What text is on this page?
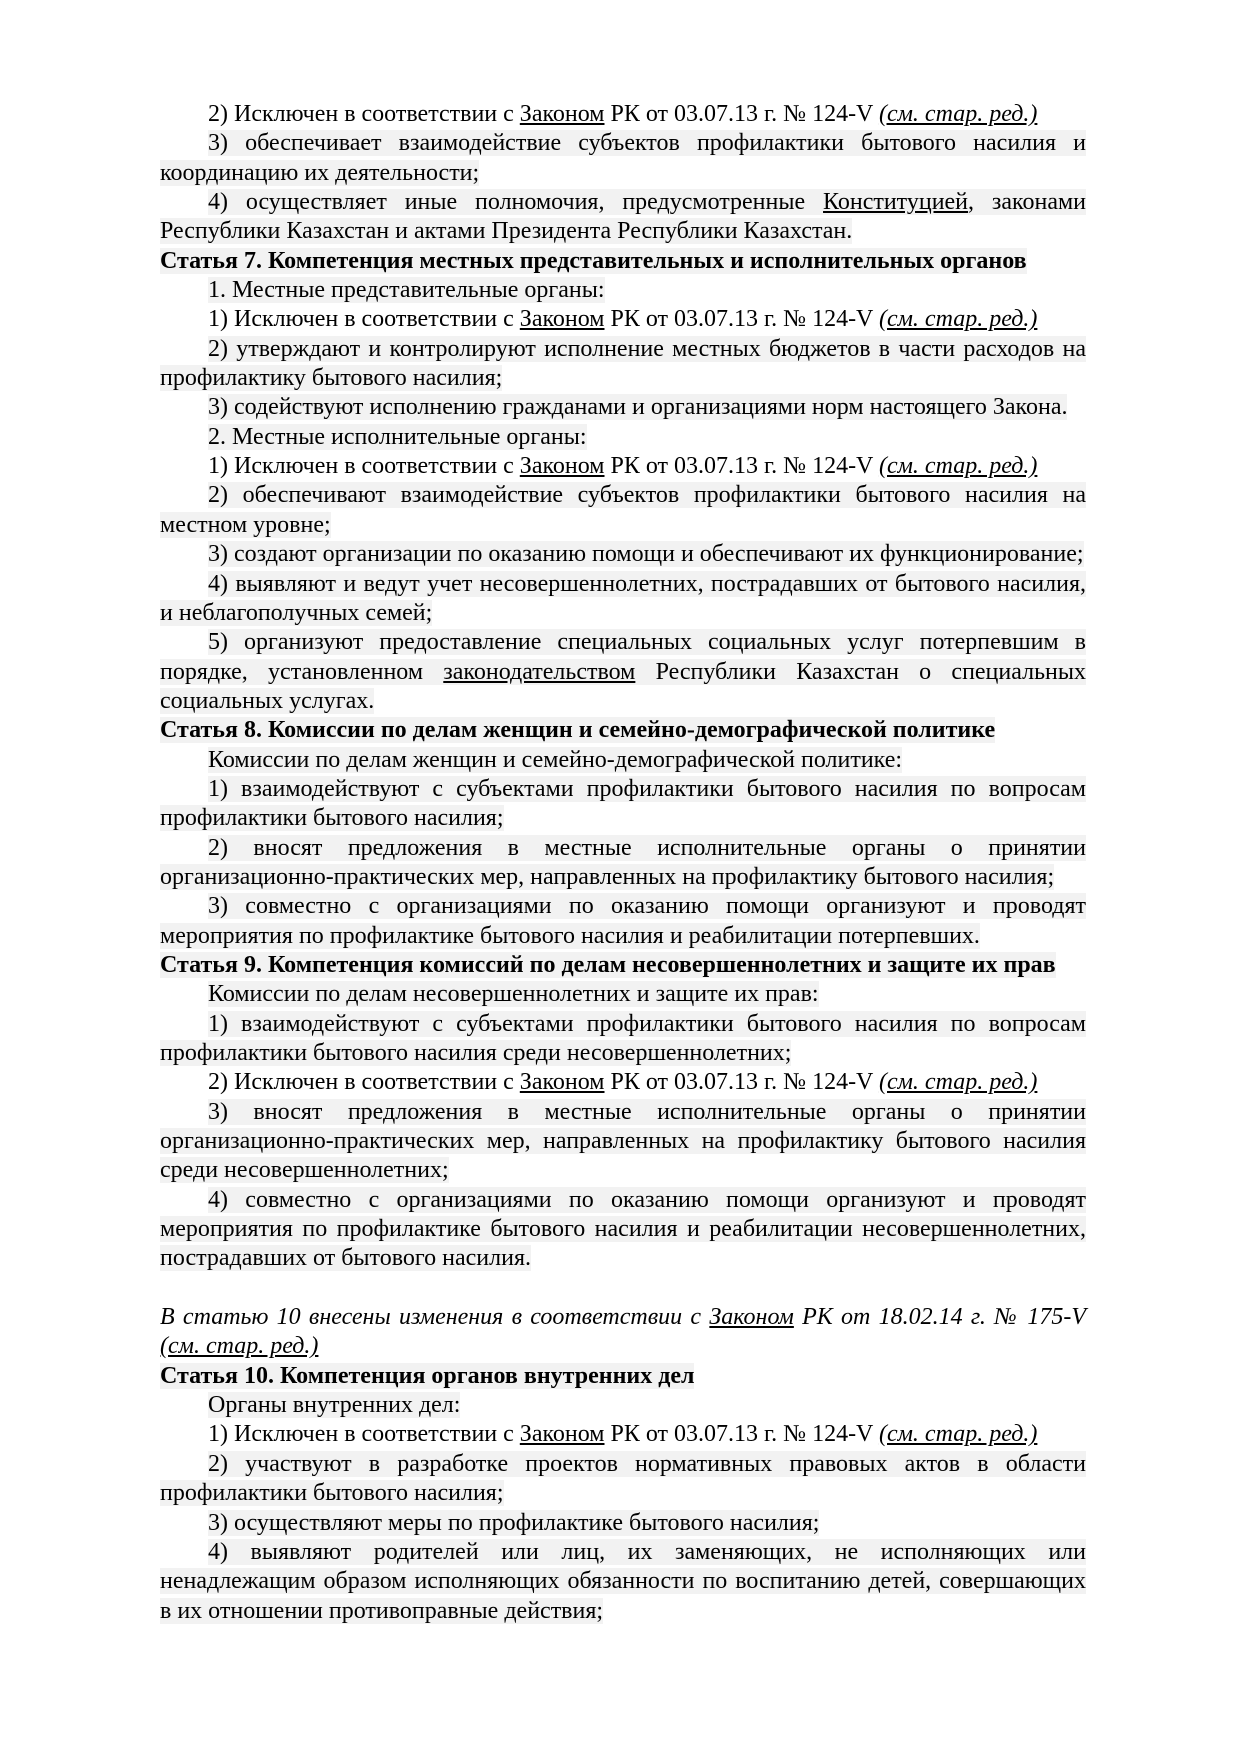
2) Исключен в соответствии с Законом РК от 03.07.13 г. № 124-V (см. стар. ред.)

3) обеспечивает взаимодействие субъектов профилактики бытового насилия и координацию их деятельности;

4) осуществляет иные полномочия, предусмотренные Конституцией, законами Республики Казахстан и актами Президента Республики Казахстан.

Статья 7. Компетенция местных представительных и исполнительных органов

1. Местные представительные органы:

1) Исключен в соответствии с Законом РК от 03.07.13 г. № 124-V (см. стар. ред.)

2) утверждают и контролируют исполнение местных бюджетов в части расходов на профилактику бытового насилия;

3) содействуют исполнению гражданами и организациями норм настоящего Закона.

2. Местные исполнительные органы:

1) Исключен в соответствии с Законом РК от 03.07.13 г. № 124-V (см. стар. ред.)

2) обеспечивают взаимодействие субъектов профилактики бытового насилия на местном уровне;

3) создают организации по оказанию помощи и обеспечивают их функционирование;

4) выявляют и ведут учет несовершеннолетних, пострадавших от бытового насилия, и неблагополучных семей;

5) организуют предоставление специальных социальных услуг потерпевшим в порядке, установленном законодательством Республики Казахстан о специальных социальных услугах.

Статья 8. Комиссии по делам женщин и семейно-демографической политике

Комиссии по делам женщин и семейно-демографической политике:

1) взаимодействуют с субъектами профилактики бытового насилия по вопросам профилактики бытового насилия;

2) вносят предложения в местные исполнительные органы о принятии организационно-практических мер, направленных на профилактику бытового насилия;

3) совместно с организациями по оказанию помощи организуют и проводят мероприятия по профилактике бытового насилия и реабилитации потерпевших.

Статья 9. Компетенция комиссий по делам несовершеннолетних и защите их прав

Комиссии по делам несовершеннолетних и защите их прав:

1) взаимодействуют с субъектами профилактики бытового насилия по вопросам профилактики бытового насилия среди несовершеннолетних;

2) Исключен в соответствии с Законом РК от 03.07.13 г. № 124-V (см. стар. ред.)

3) вносят предложения в местные исполнительные органы о принятии организационно-практических мер, направленных на профилактику бытового насилия среди несовершеннолетних;

4) совместно с организациями по оказанию помощи организуют и проводят мероприятия по профилактике бытового насилия и реабилитации несовершеннолетних, пострадавших от бытового насилия.

В статью 10 внесены изменения в соответствии с Законом РК от 18.02.14 г. № 175-V (см. стар. ред.)

Статья 10. Компетенция органов внутренних дел

Органы внутренних дел:

1) Исключен в соответствии с Законом РК от 03.07.13 г. № 124-V (см. стар. ред.)

2) участвуют в разработке проектов нормативных правовых актов в области профилактики бытового насилия;

3) осуществляют меры по профилактике бытового насилия;

4) выявляют родителей или лиц, их заменяющих, не исполняющих или ненадлежащим образом исполняющих обязанности по воспитанию детей, совершающих в их отношении противоправные действия;
